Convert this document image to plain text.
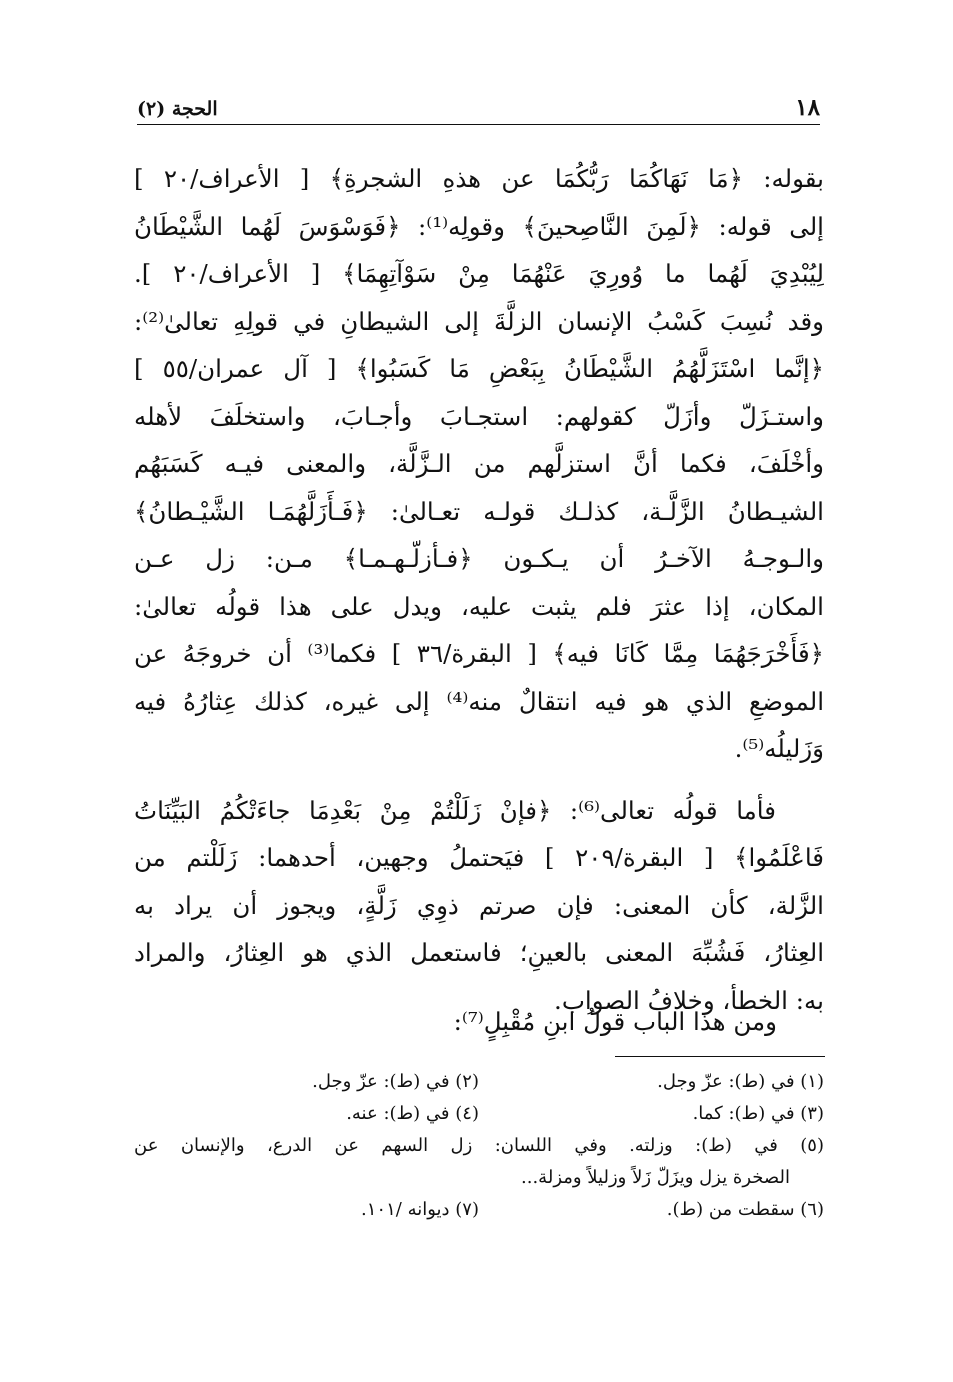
الحجة (٢)	١٨
بقوله: ﴿مَا نَهَاكُمَا رَبُّكُمَا عن هذهِ الشجرةِ﴾ [ الأعراف/٢٠ ]
إلى قوله: ﴿لَمِنَ النَّاصِحينَ﴾ وقولِه⁽¹⁾: ﴿فَوَسْوَسَ لَهُما الشَّيْطَانُ
لِيُبْدِيَ لَهُما ما وُورِيَ عَنْهُمَا مِنْ سَوْآتِهِمَا﴾ [ الأعراف/٢٠ ].
وقد نُسِبَ كَسْبُ الإنسان الزلَّةَ إلى الشيطانِ في قولِهِ تعالىٰ⁽²⁾:
﴿إنَّما اسْتَزَلَّهُمُ الشَّيْطَانُ بِبَعْضِ مَا كَسَبُوا﴾ [ آل عمران/٥٥ ]
واستـزَلّ وأزَلّ كقولهم: استجـابَ وأجـابَ، واستخلَفَ لأهله
وأخْلَفَ، فكما أنَّ استزلَّهم من الـزَّلَّة، والمعنى فيـه كَسَبَهُم
الشيـطانُ الزَّلَّـة، كذلـك قولـه تعـالىٰ: ﴿فَـأَزَلَّهُمَـا الشَّيْـطانُ﴾
والـوجـهُ الآخـرُ أن يـكـون ﴿فـأزلّـهـمـا﴾ مـن: زل عـن
المكان، إذا عثرَ فلم يثبت عليه، ويدل على هذا قولُه تعالىٰ:
﴿فَأَخْرَجَهُمَا مِمَّا كَانَا فيه﴾ [ البقرة/٣٦ ] فكما⁽³⁾ أن خروجَهُ عن
الموضعِ الذي هو فيه انتقالٌ منه⁽⁴⁾ إلى غيره، كذلك عِثارُهُ فيه
وَزَليلُه⁽⁵⁾.
فأما قولُه تعالى⁽⁶⁾: ﴿فإنْ زَلَلْتُمْ مِنْ بَعْدِمَا جاءَتْكُمُ البَيِّنَاتُ
فَاعْلَمُوا﴾ [ البقرة/٢٠٩ ] فيَحتملُ وجهين، أحدهما: زَلَلْتم من
الزَّلة، كأن المعنى: فإن صرتم ذوِي زَلَّةٍ، ويجوز أن يراد به
العِثارُ، فَشُبِّهَ المعنى بالعينِ؛ فاستعمل الذي هو العِثارُ، والمراد
به: الخطأ، وخلافُ الصواب.
ومن هذا الباب قولُ ابنِ مُقْبِلٍ⁽⁷⁾:
(١) في (ط): عزّ وجل.
(٢) في (ط): عزّ وجل.
(٣) في (ط): كما.
(٤) في (ط): عنه.
(٥) في (ط): وزلته. وفي اللسان: زل السهم عن الدرع، والإنسان عن
الصخرة يزل ويزَلّ زَلاً وزليلاً ومزلة...
(٦) سقطت من (ط).
(٧) ديوانه /١٠١.
